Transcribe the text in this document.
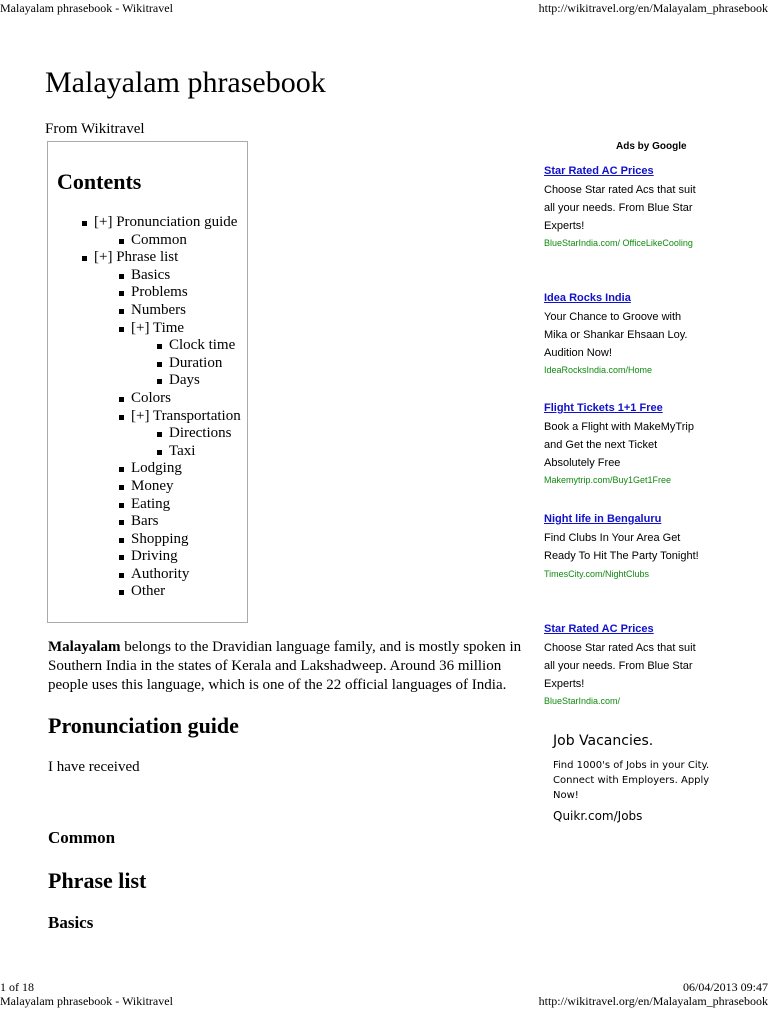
Malayalam phrasebook - Wikitravel	http://wikitravel.org/en/Malayalam_phrasebook
Malayalam phrasebook
From Wikitravel
Contents
[+] Pronunciation guide
Common
[+] Phrase list
Basics
Problems
Numbers
[+] Time
Clock time
Duration
Days
Colors
[+] Transportation
Directions
Taxi
Lodging
Money
Eating
Bars
Shopping
Driving
Authority
Other
Malayalam belongs to the Dravidian language family, and is mostly spoken in Southern India in the states of Kerala and Lakshadweep. Around 36 million people uses this language, which is one of the 22 official languages of India.
Pronunciation guide
I have received
Common
Phrase list
Basics
Ads by Google
Star Rated AC Prices
Choose Star rated Acs that suit all your needs. From Blue Star Experts!
BlueStarIndia.com/ OfficeLikeCooling
Idea Rocks India
Your Chance to Groove with Mika or Shankar Ehsaan Loy. Audition Now!
IdeaRocksIndia.com/Home
Flight Tickets 1+1 Free
Book a Flight with MakeMyTrip and Get the next Ticket Absolutely Free
Makemytrip.com/Buy1Get1Free
Night life in Bengaluru
Find Clubs In Your Area Get Ready To Hit The Party Tonight!
TimesCity.com/NightClubs
Star Rated AC Prices
Choose Star rated Acs that suit all your needs. From Blue Star Experts!
BlueStarIndia.com/
Job Vacancies.
Find 1000's of Jobs in your City. Connect with Employers. Apply Now!
Quikr.com/Jobs
1 of 18	06/04/2013 09:47
Malayalam phrasebook - Wikitravel	http://wikitravel.org/en/Malayalam_phrasebook
